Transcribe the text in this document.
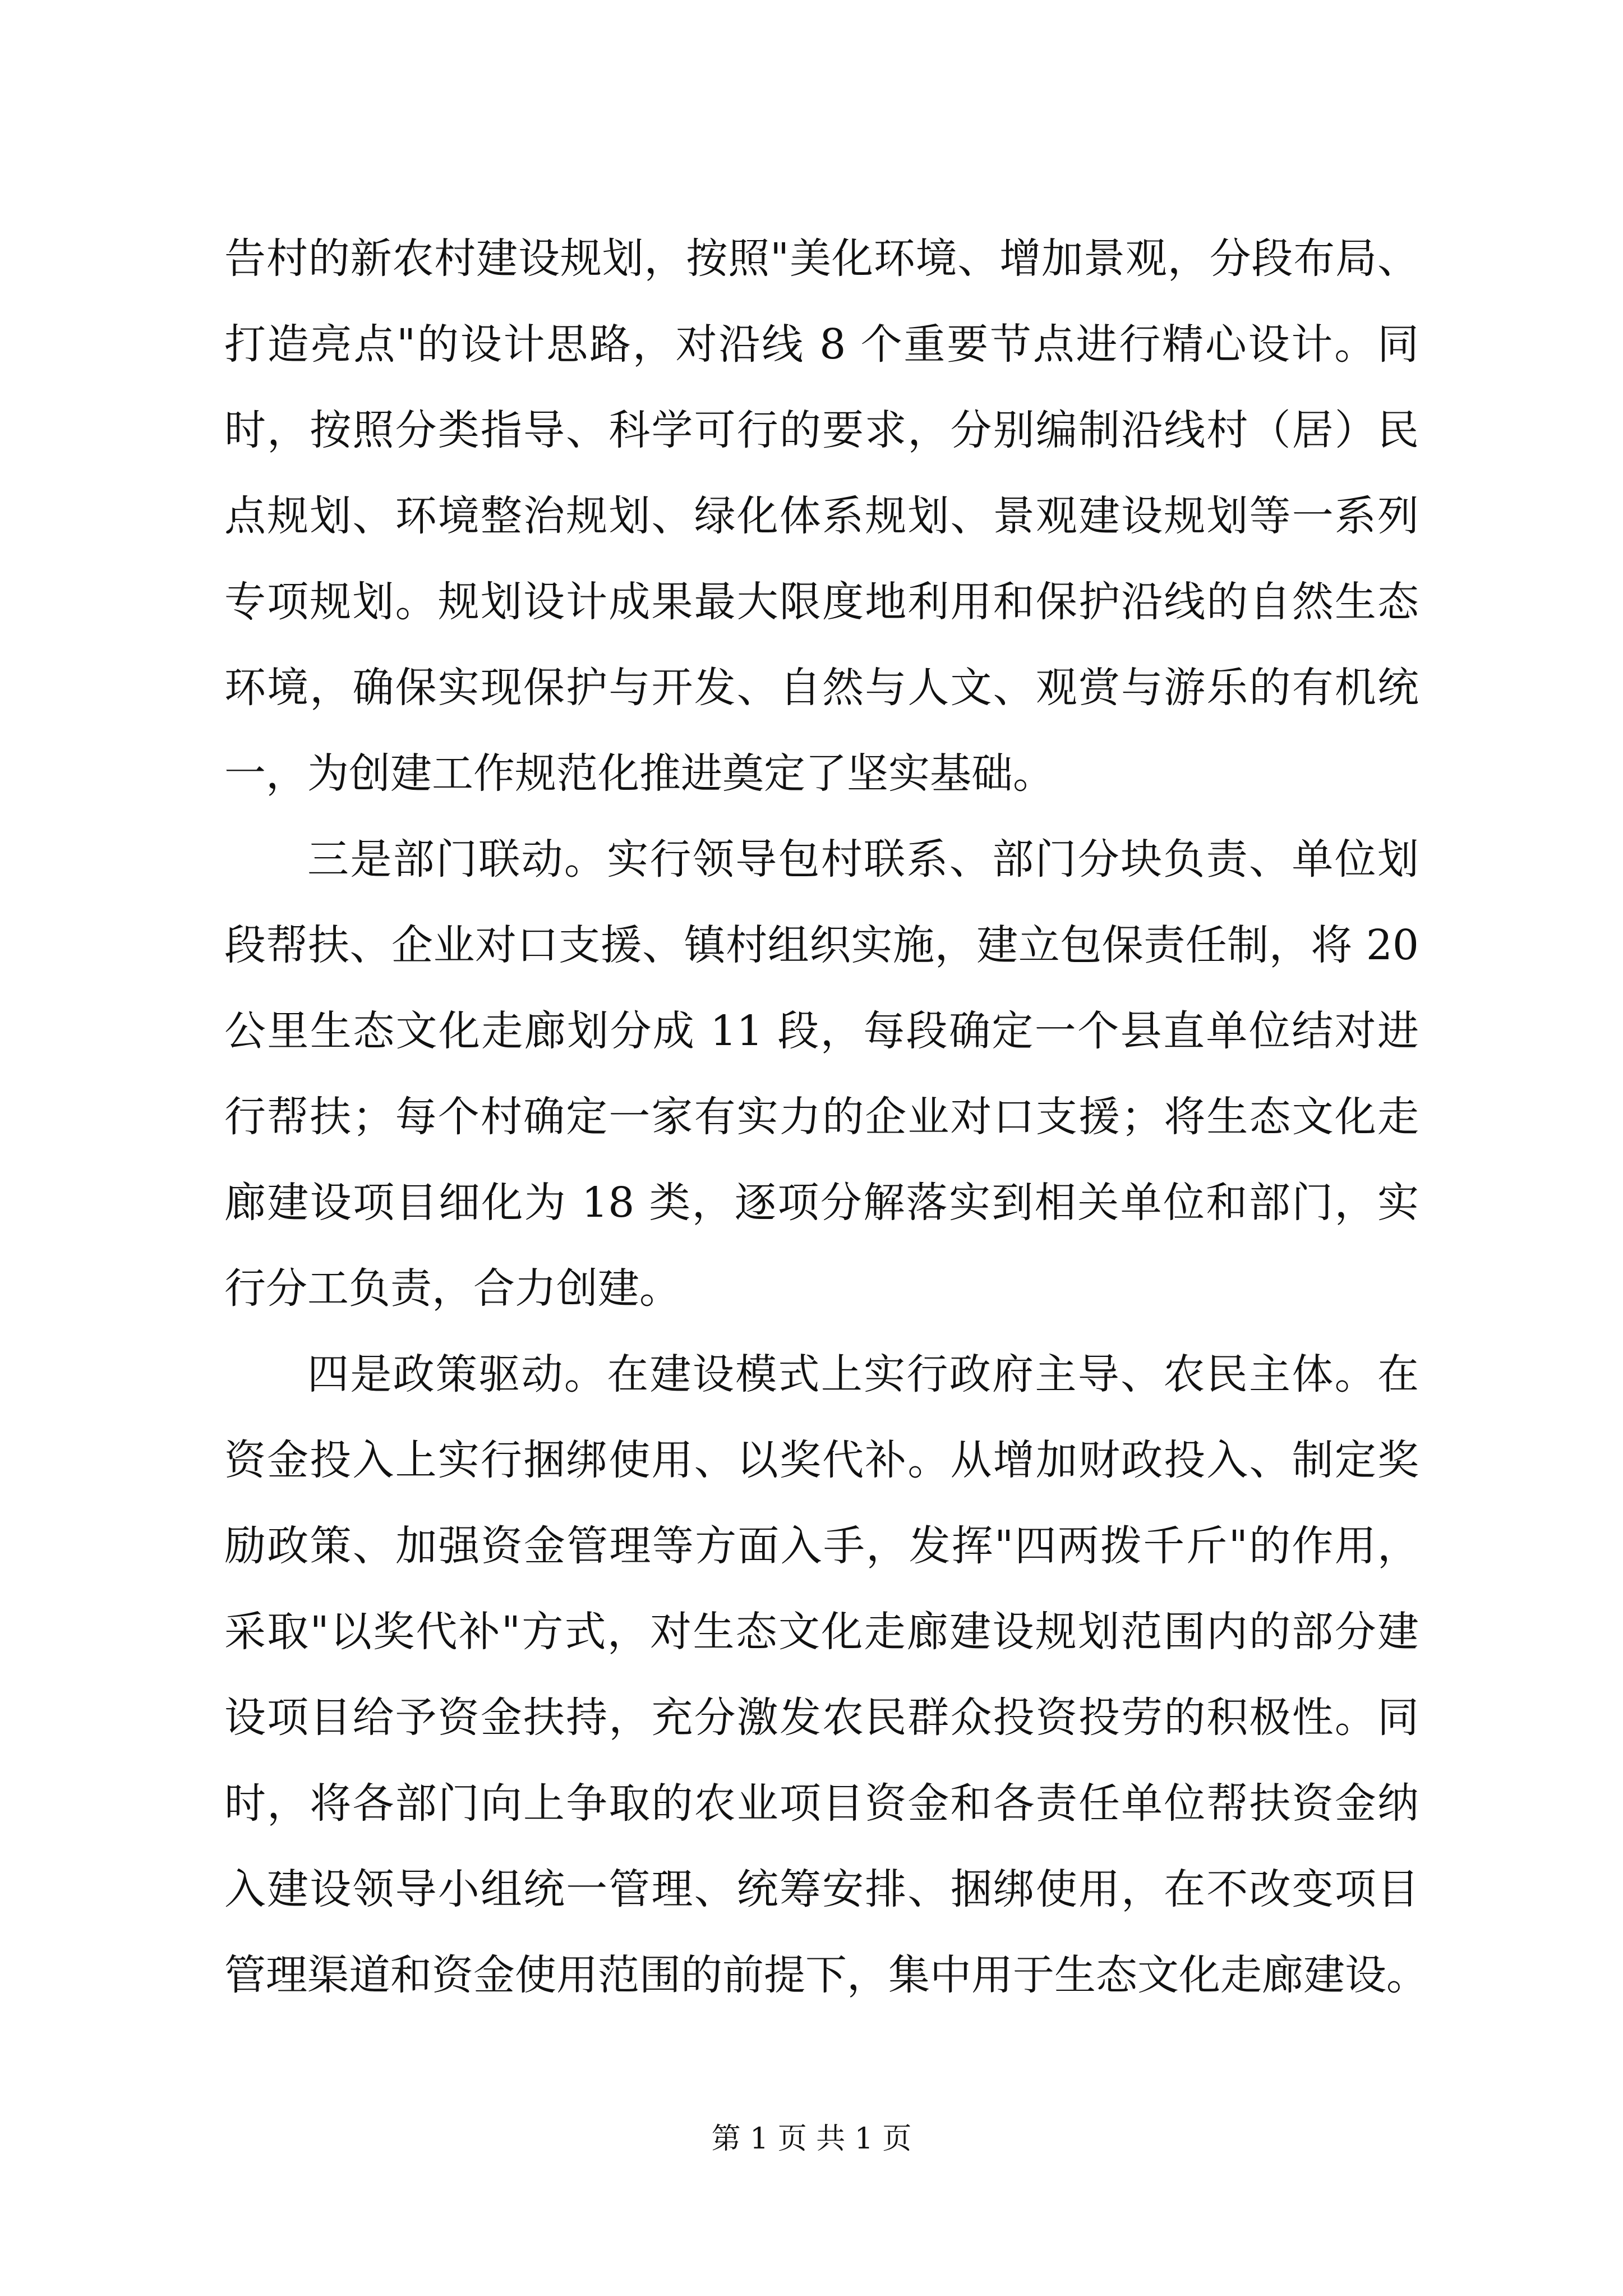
告村的新农村建设规划，按照"美化环境、增加景观，分段布局、
打造亮点"的设计思路，对沿线 8 个重要节点进行精心设计。同
时，按照分类指导、科学可行的要求，分别编制沿线村（居）民
点规划、环境整治规划、绿化体系规划、景观建设规划等一系列
专项规划。规划设计成果最大限度地利用和保护沿线的自然生态
环境，确保实现保护与开发、自然与人文、观赏与游乐的有机统
一，为创建工作规范化推进奠定了坚实基础。
三是部门联动。实行领导包村联系、部门分块负责、单位划
段帮扶、企业对口支援、镇村组织实施，建立包保责任制，将 20
公里生态文化走廊划分成 11 段，每段确定一个县直单位结对进
行帮扶；每个村确定一家有实力的企业对口支援；将生态文化走
廊建设项目细化为 18 类，逐项分解落实到相关单位和部门，实
行分工负责，合力创建。
四是政策驱动。在建设模式上实行政府主导、农民主体。在
资金投入上实行捆绑使用、以奖代补。从增加财政投入、制定奖
励政策、加强资金管理等方面入手，发挥"四两拨千斤"的作用，
采取"以奖代补"方式，对生态文化走廊建设规划范围内的部分建
设项目给予资金扶持，充分激发农民群众投资投劳的积极性。同
时，将各部门向上争取的农业项目资金和各责任单位帮扶资金纳
入建设领导小组统一管理、统筹安排、捆绑使用，在不改变项目
管理渠道和资金使用范围的前提下，集中用于生态文化走廊建设。
第 1 页 共 1 页
